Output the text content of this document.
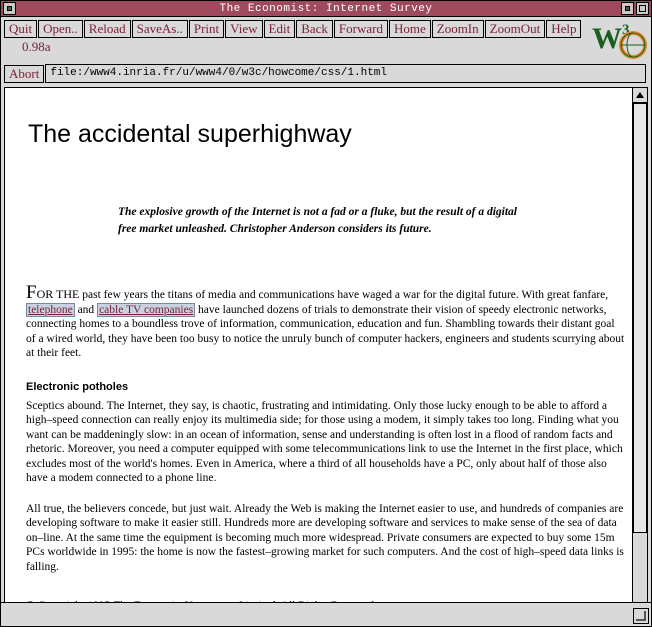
The Economist: Internet Survey
Quit Open.. Reload SaveAs.. Print View Edit Back Forward Home ZoomIn ZoomOut Help
0.98a	W 3
Abort	file:/www4.inria.fr/u/www4/0/w3c/howcome/css/1.html
The accidental superhighway
The explosive growth of the Internet is not a fad or a fluke, but the result of a digital free market unleashed. Christopher Anderson considers its future.

FOR THE past few years the titans of media and communications have waged a war for the digital future. With great fanfare, telephone and cable TV companies have launched dozens of trials to demonstrate their vision of speedy electronic networks, connecting homes to a boundless trove of information, communication, education and fun. Shambling towards their distant goal of a wired world, they have been too busy to notice the unruly bunch of computer hackers, engineers and students scurrying about at their feet.

Electronic potholes

Sceptics abound. The Internet, they say, is chaotic, frustrating and intimidating. Only those lucky enough to be able to afford a high–speed connection can really enjoy its multimedia side; for those using a modem, it simply takes too long. Finding what you want can be maddeningly slow: in an ocean of information, sense and understanding is often lost in a flood of random facts and rhetoric. Moreover, you need a computer equipped with some telecommunications link to use the Internet in the first place, which excludes most of the world's homes. Even in America, where a third of all households have a PC, only about half of those also have a modem connected to a phone line.

All true, the believers concede, but just wait. Already the Web is making the Internet easier to use, and hundreds of companies are developing software to make it easier still. Hundreds more are developing software and services to make sense of the sea of data on–line. At the same time the equipment is becoming much more widespread. Private consumers are expected to buy some 15m PCs worldwide in 1995: the home is now the fastest–growing market for such computers. And the cost of high–speed data links is falling.
